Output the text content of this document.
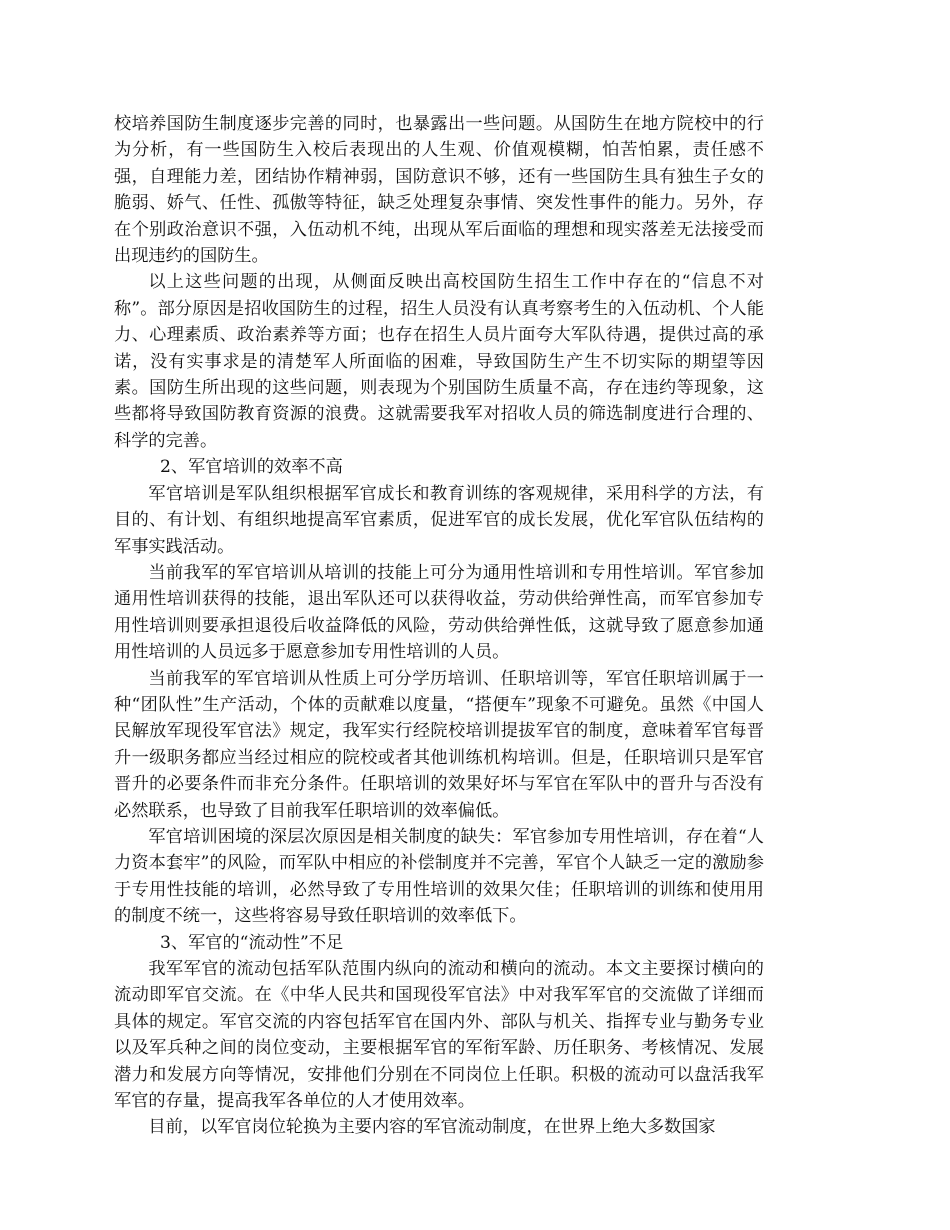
校培养国防生制度逐步完善的同时，也暴露出一些问题。从国防生在地方院校中的行为分析，有一些国防生入校后表现出的人生观、价值观模糊，怕苦怕累，责任感不强，自理能力差，团结协作精神弱，国防意识不够，还有一些国防生具有独生子女的脆弱、娇气、任性、孤傲等特征，缺乏处理复杂事情、突发性事件的能力。另外，存在个别政治意识不强，入伍动机不纯，出现从军后面临的理想和现实落差无法接受而出现违约的国防生。

以上这些问题的出现，从侧面反映出高校国防生招生工作中存在的“信息不对称”。部分原因是招收国防生的过程，招生人员没有认真考察考生的入伍动机、个人能力、心理素质、政治素养等方面；也存在招生人员片面夸大军队待遇，提供过高的承诺，没有实事求是的清楚军人所面临的困难，导致国防生产生不切实际的期望等因素。国防生所出现的这些问题，则表现为个别国防生质量不高，存在违约等现象，这些都将导致国防教育资源的浪费。这就需要我军对招收人员的筛选制度进行合理的、科学的完善。

2、军官培训的效率不高

军官培训是军队组织根据军官成长和教育训练的客观规律，采用科学的方法，有目的、有计划、有组织地提高军官素质，促进军官的成长发展，优化军官队伍结构的军事实践活动。

当前我军的军官培训从培训的技能上可分为通用性培训和专用性培训。军官参加通用性培训获得的技能，退出军队还可以获得收益，劳动供给弹性高，而军官参加专用性培训则要承担退役后收益降低的风险，劳动供给弹性低，这就导致了愿意参加通用性培训的人员远多于愿意参加专用性培训的人员。

当前我军的军官培训从性质上可分学历培训、任职培训等，军官任职培训属于一种“团队性”生产活动，个体的贡献难以度量，“搭便车”现象不可避免。虽然《中国人民解放军现役军官法》规定，我军实行经院校培训提拔军官的制度，意味着军官每晋升一级职务都应当经过相应的院校或者其他训练机构培训。但是，任职培训只是军官晋升的必要条件而非充分条件。任职培训的效果好坏与军官在军队中的晋升与否没有必然联系，也导致了目前我军任职培训的效率偏低。

军官培训困境的深层次原因是相关制度的缺失：军官参加专用性培训，存在着“人力资本套牢”的风险，而军队中相应的补偿制度并不完善，军官个人缺乏一定的激励参于专用性技能的培训，必然导致了专用性培训的效果欠佳；任职培训的训练和使用用的制度不统一，这些将容易导致任职培训的效率低下。

3、军官的“流动性”不足

我军军官的流动包括军队范围内纵向的流动和横向的流动。本文主要探讨横向的流动即军官交流。在《中华人民共和国现役军官法》中对我军军官的交流做了详细而具体的规定。军官交流的内容包括军官在国内外、部队与机关、指挥专业与勤务专业以及军兵种之间的岗位变动，主要根据军官的军衔军龄、历任职务、考核情况、发展潜力和发展方向等情况，安排他们分别在不同岗位上任职。积极的流动可以盘活我军军官的存量，提高我军各单位的人才使用效率。

目前，以军官岗位轮换为主要内容的军官流动制度，在世界上绝大多数国家
